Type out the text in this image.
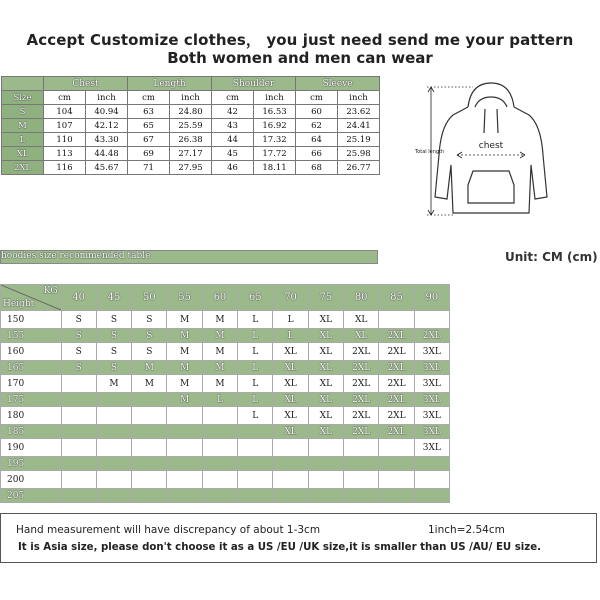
Accept Customize clothes， you just need send me your pattern
Both women and men can wear
	Chest		Length		Shoulder		Sleeve	
Size	cm	inch	cm	inch	cm	inch	cm	inch
S	104	40.94	63	24.80	42	16.53	60	23.62
M	107	42.12	65	25.59	43	16.92	62	24.41
L	110	43.30	67	26.38	44	17.32	64	25.19
XL	113	44.48	69	27.17	45	17.72	66	25.98
2XL	116	45.67	71	27.95	46	18.11	68	26.77
chest
Total length
hoodies size recommended table	Unit: CM (cm)
KG
Height	40	45	50	55	60	65	70	75	80	85	90
150	S	S	S	M	M	L	L	XL	XL		
155	S	S	S	M	M	L	L	XL	XL	2XL	2XL
160	S	S	S	M	M	L	XL	XL	2XL	2XL	3XL
165	S	S	M	M	M	L	XL	XL	2XL	2XL	3XL
170		M	M	M	M	L	XL	XL	2XL	2XL	3XL
175				M	L	L	XL	XL	2XL	2XL	3XL
180						L	XL	XL	2XL	2XL	3XL
185							XL	XL	2XL	2XL	3XL
190											3XL
195											
200											
205											
Hand measurement will have discrepancy of about 1-3cm	1inch=2.54cm
It is Asia size, please don't choose it as a US /EU /UK size,it is smaller than US /AU/ EU size.
